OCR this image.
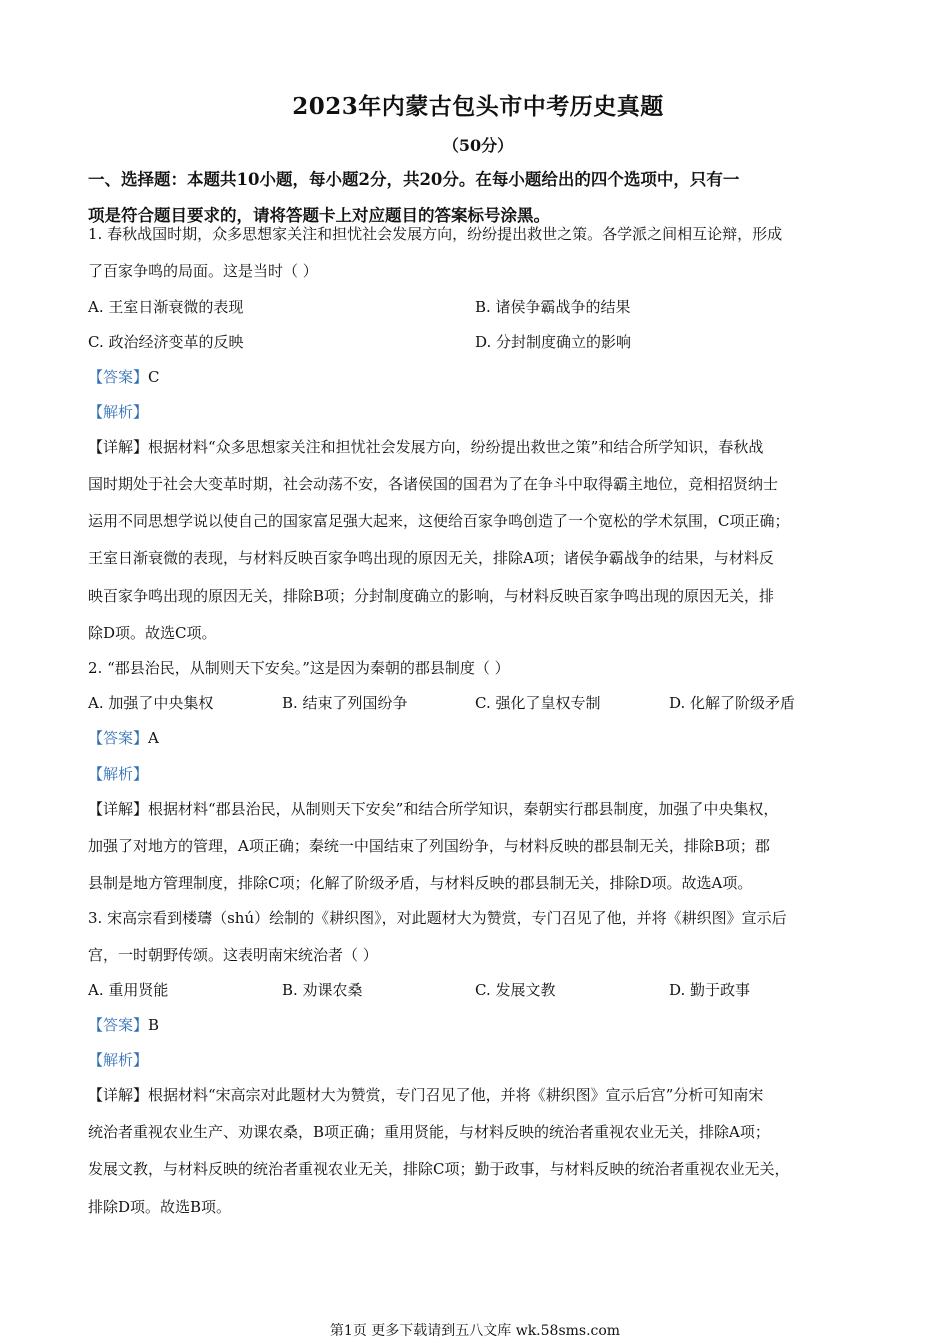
2023年内蒙古包头市中考历史真题
（50分）
一、选择题：本题共10小题，每小题2分，共20分。在每小题给出的四个选项中，只有一
项是符合题目要求的，请将答题卡上对应题目的答案标号涂黑。
1. 春秋战国时期，众多思想家关注和担忧社会发展方向，纷纷提出救世之策。各学派之间相互论辩，形成
了百家争鸣的局面。这是当时（ ）
A. 王室日渐衰微的表现	B. 诸侯争霸战争的结果
C. 政治经济变革的反映	D. 分封制度确立的影响
【答案】C
【解析】
【详解】根据材料“众多思想家关注和担忧社会发展方向，纷纷提出救世之策”和结合所学知识，春秋战
国时期处于社会大变革时期，社会动荡不安，各诸侯国的国君为了在争斗中取得霸主地位，竞相招贤纳士
运用不同思想学说以使自己的国家富足强大起来，这便给百家争鸣创造了一个宽松的学术氛围，C项正确；
王室日渐衰微的表现，与材料反映百家争鸣出现的原因无关，排除A项；诸侯争霸战争的结果，与材料反
映百家争鸣出现的原因无关，排除B项；分封制度确立的影响，与材料反映百家争鸣出现的原因无关，排
除D项。故选C项。
2. “郡县治民，从制则天下安矣。”这是因为秦朝的郡县制度（ ）
A. 加强了中央集权	B. 结束了列国纷争	C. 强化了皇权专制	D. 化解了阶级矛盾
【答案】A
【解析】
【详解】根据材料“郡县治民，从制则天下安矣”和结合所学知识，秦朝实行郡县制度，加强了中央集权，
加强了对地方的管理，A项正确；秦统一中国结束了列国纷争，与材料反映的郡县制无关，排除B项；郡
县制是地方管理制度，排除C项；化解了阶级矛盾，与材料反映的郡县制无关，排除D项。故选A项。
3. 宋高宗看到楼璹（shú）绘制的《耕织图》，对此题材大为赞赏，专门召见了他，并将《耕织图》宣示后
宫，一时朝野传颂。这表明南宋统治者（ ）
A. 重用贤能	B. 劝课农桑	C. 发展文教	D. 勤于政事
【答案】B
【解析】
【详解】根据材料“宋高宗对此题材大为赞赏，专门召见了他，并将《耕织图》宣示后宫”分析可知南宋
统治者重视农业生产、劝课农桑，B项正确；重用贤能，与材料反映的统治者重视农业无关，排除A项；
发展文教，与材料反映的统治者重视农业无关，排除C项；勤于政事，与材料反映的统治者重视农业无关，
排除D项。故选B项。
第1页 更多下载请到五八文库 wk.58sms.com
